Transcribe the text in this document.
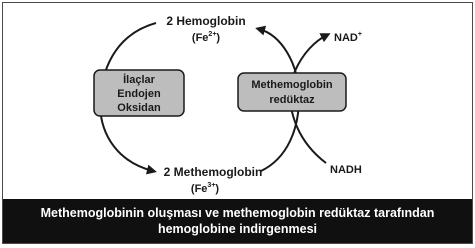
2 Hemoglobin
$(Fe^{2+})$
2 Methemoglobin
$(Fe^{3+})$
NAD+
NADH
İlaçlar
Endojen
Oksidan
Methemoglobin
redüktaz
Methemoglobinin oluşması ve methemoglobin redüktaz tarafından
hemoglobine indirgenmesi
